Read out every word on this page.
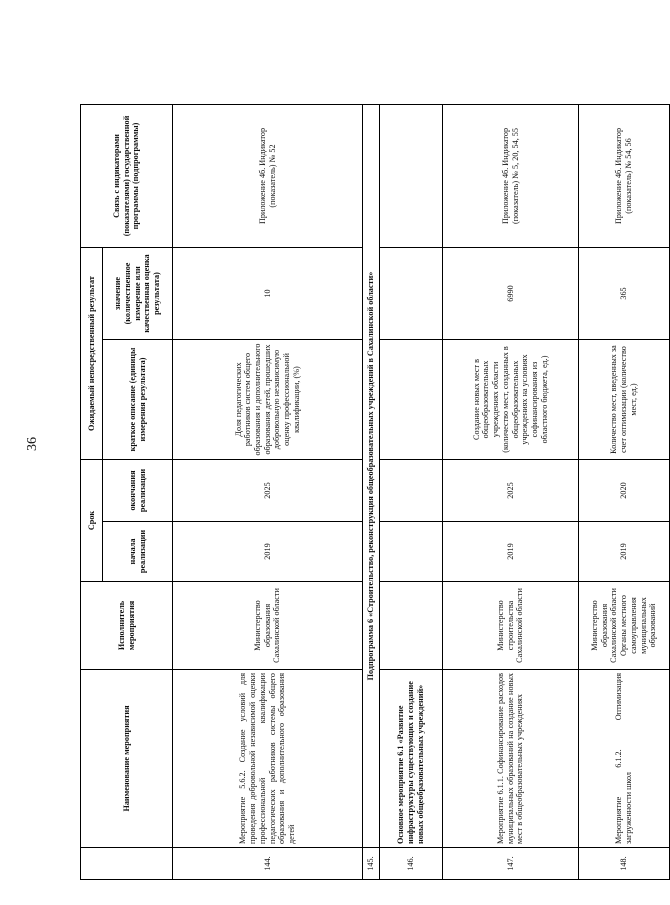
36
	Наименование мероприятия	Исполнитель мероприятия	Срок		Ожидаемый непосредственный результат		Связь с индикаторами (показателями) государственной программы (подпрограммы)
			начала реализации	окончания реализации	краткое описание (единицы измерения результата)	значение (количественное измерение или качественная оценка результата)	
144.	Мероприятие 5.6.2. Создание условий для проведения добровольной независимой оценки профессиональной квалификации педагогических работников системы общего образования и дополнительного образования детей	Министерство образования Сахалинской области	2019	2025	Доля педагогических работников систем общего образования и дополнительного образования детей, прошедших добровольную независимую оценку профессиональной квалификации, (%)	10	Приложение 4б. Индикатор (показатель) № 52
145.	Подпрограмма 6 «Строительство, реконструкция общеобразовательных учреждений в Сахалинской области»						
146.	Основное мероприятие 6.1 «Развитие инфраструктуры существующих и создание новых общеобразовательных учреждений»						
147.	Мероприятие 6.1.1. Софинансирование расходов муниципальных образований на создание новых мест в общеобразовательных учреждениях	Министерство строительства Сахалинской области	2019	2025	Создание новых мест в общеобразовательных учреждениях области (количество мест, созданных в общеобразовательных учреждениях на условиях софинансирования из областного бюджета, ед.)	6990	Приложение 4б. Индикатор (показатель) № 5, 20, 54, 55
148.	Мероприятие 6.1.2. Оптимизация загруженности школ	Министерство образования Сахалинской области Органы местного самоуправления муниципальных образований	2019	2020	Количество мест, введенных за счет оптимизации (количество мест, ед.)	365	Приложение 4б. Индикатор (показатель) № 54, 56
